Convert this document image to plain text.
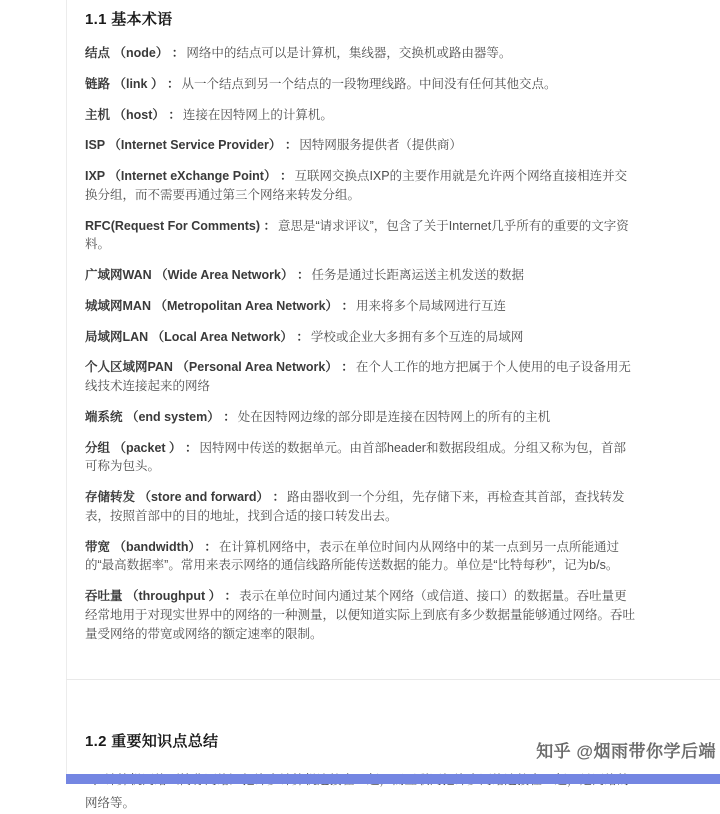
1.1 基本术语

结点 （node） ： 网络中的结点可以是计算机，集线器，交换机或路由器等。

链路 （link ） ： 从一个结点到另一个结点的一段物理线路。中间没有任何其他交点。

主机 （host） ： 连接在因特网上的计算机。

ISP （Internet Service Provider） ： 因特网服务提供者（提供商）

IXP （Internet eXchange Point） ： 互联网交换点IXP的主要作用就是允许两个网络直接相连并交换分组，而不需要再通过第三个网络来转发分组。

RFC(Request For Comments) ： 意思是“请求评议”，包含了关于Internet几乎所有的重要的文字资料。

广域网WAN （Wide Area Network） ： 任务是通过长距离运送主机发送的数据

城域网MAN （Metropolitan Area Network） ： 用来将多个局域网进行互连

局域网LAN （Local Area Network） ： 学校或企业大多拥有多个互连的局域网

个人区域网PAN （Personal Area Network） ： 在个人工作的地方把属于个人使用的电子设备用无线技术连接起来的网络

端系统 （end system） ： 处在因特网边缘的部分即是连接在因特网上的所有的主机

分组 （packet ） ： 因特网中传送的数据单元。由首部header和数据段组成。分组又称为包，首部可称为包头。

存储转发 （store and forward） ： 路由器收到一个分组，先存储下来，再检查其首部，查找转发表，按照首部中的目的地址，找到合适的接口转发出去。

带宽 （bandwidth） ： 在计算机网络中，表示在单位时间内从网络中的某一点到另一点所能通过的“最高数据率”。常用来表示网络的通信线路所能传送数据的能力。单位是“比特每秒”，记为b/s。

吞吐量 （throughput ） ： 表示在单位时间内通过某个网络（或信道、接口）的数据量。吞吐量更经常地用于对现实世界中的网络的一种测量，以便知道实际上到底有多少数据量能够通过网络。吞吐量受网络的带宽或网络的额定速率的限制。

1.2 重要知识点总结

网络等。

知乎 @烟雨带你学后端
